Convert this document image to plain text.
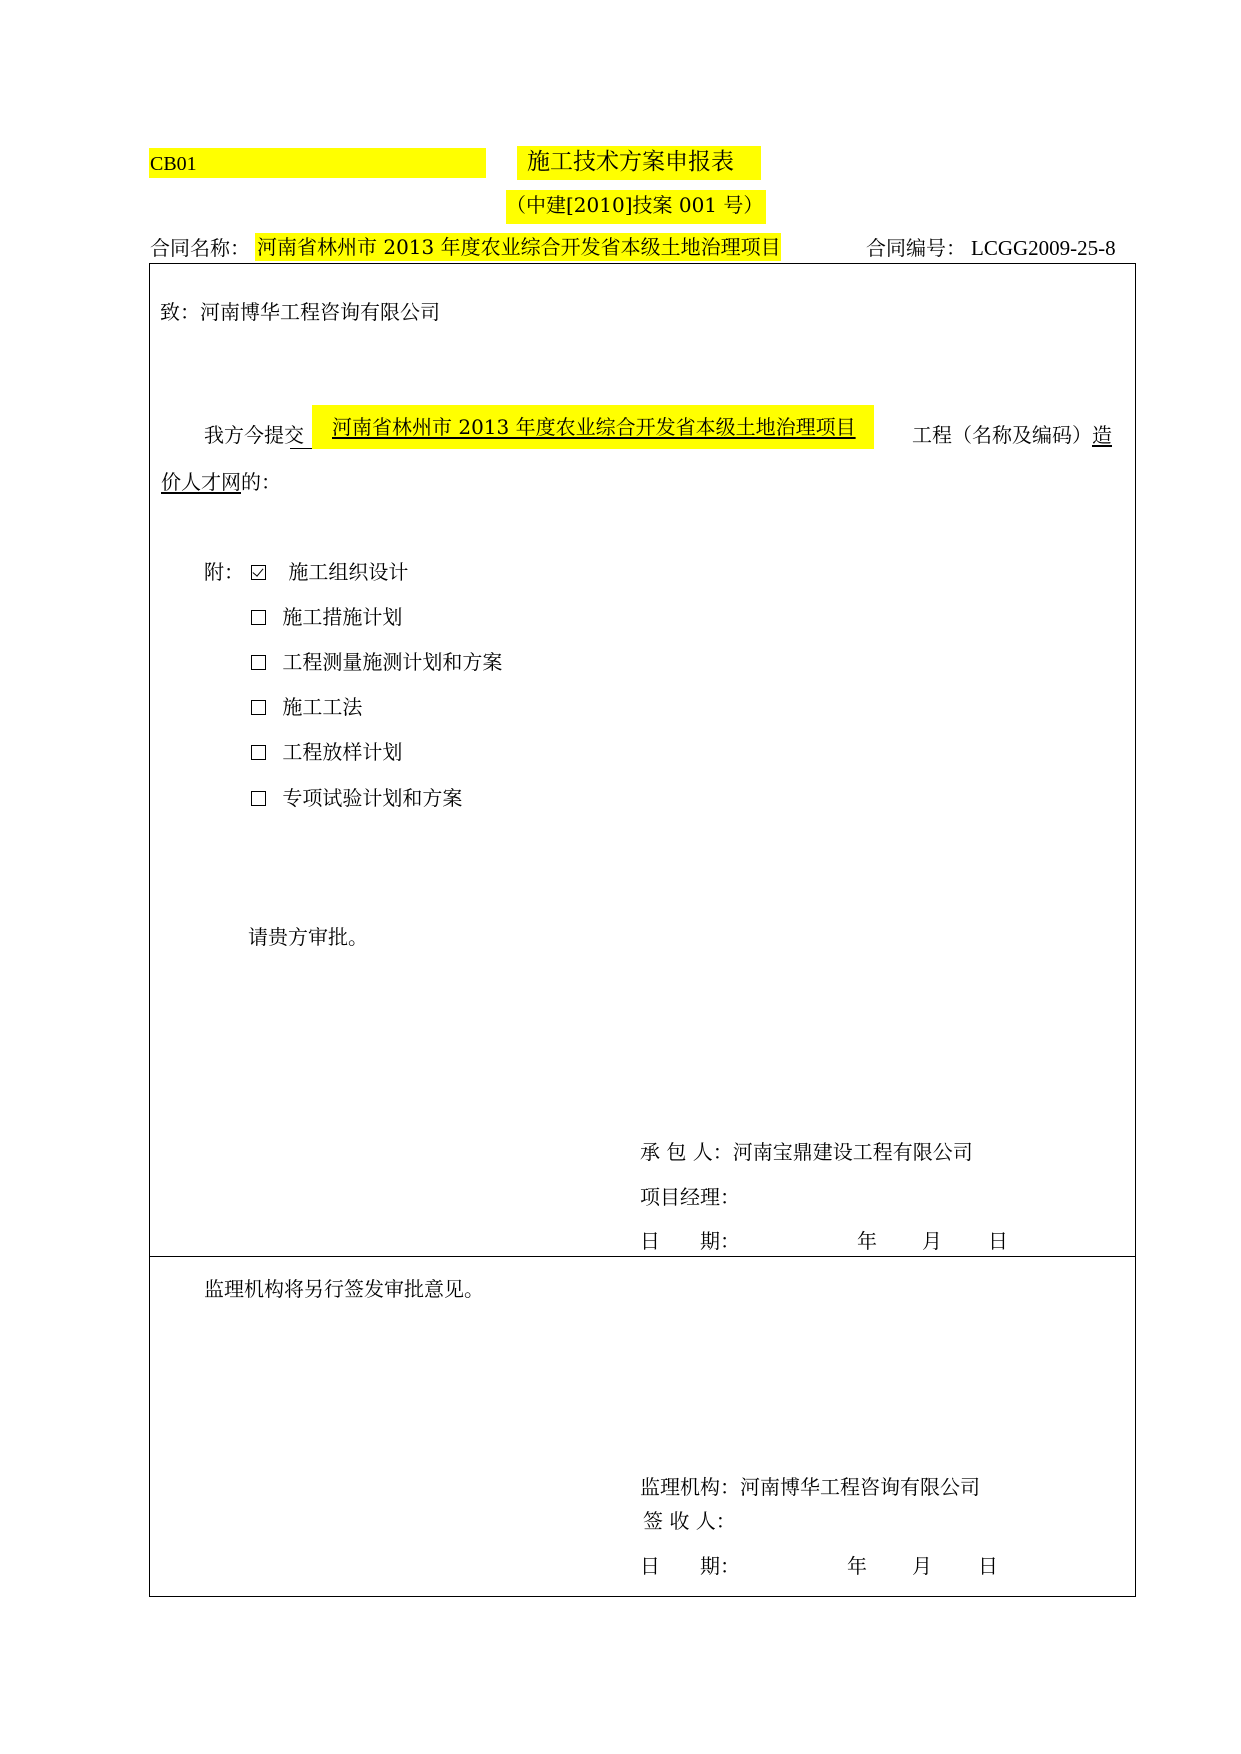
CB01	施工技术方案申报表
（中建[2010]技案 001 号）
合同名称： 河南省林州市 2013 年度农业综合开发省本级土地治理项目	合同编号： LCGG2009-25-8
致：河南博华工程咨询有限公司
我方今提交	河南省林州市 2013 年度农业综合开发省本级土地治理项目	工程（名称及编码）造
价人才网的：
附：	施工组织设计
施工措施计划
工程测量施测计划和方案
施工工法
工程放样计划
专项试验计划和方案
请贵方审批。
承 包 人：河南宝鼎建设工程有限公司
项目经理：
日　　期：	年 月 日
监理机构将另行签发审批意见。
监理机构：河南博华工程咨询有限公司
签 收 人：
日　　期：	年 月 日
